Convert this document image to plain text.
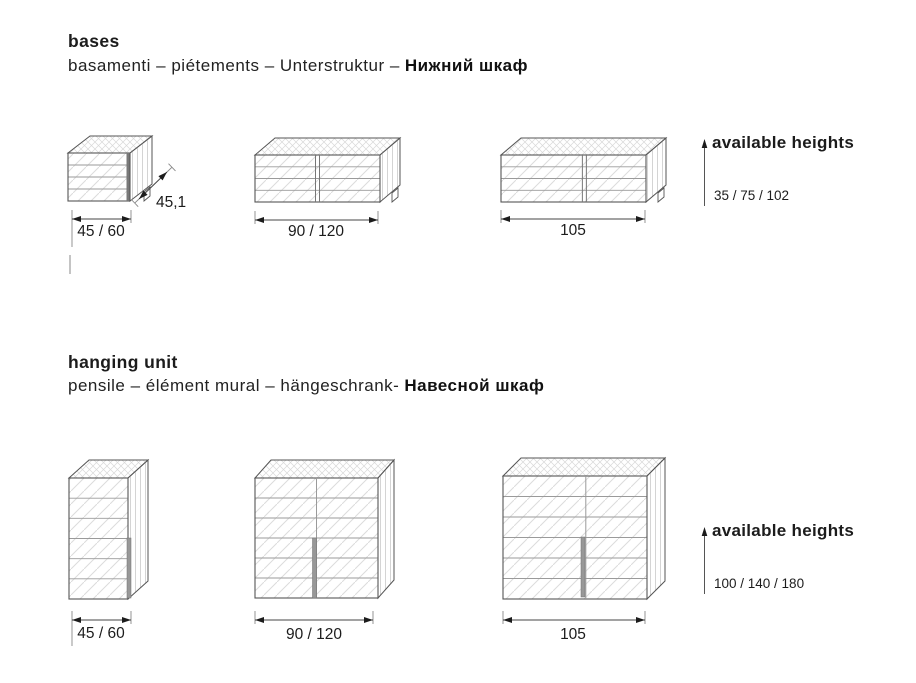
bases
basamenti – piétements – Unterstruktur – Нижний шкаф
45 / 60
45,1
90 / 120	105
available heights
35 / 75 / 102
hanging unit
pensile – élément mural – hängeschrank- Навесной шкаф
45 / 60	90 / 120	105
available heights
100 / 140 / 180
